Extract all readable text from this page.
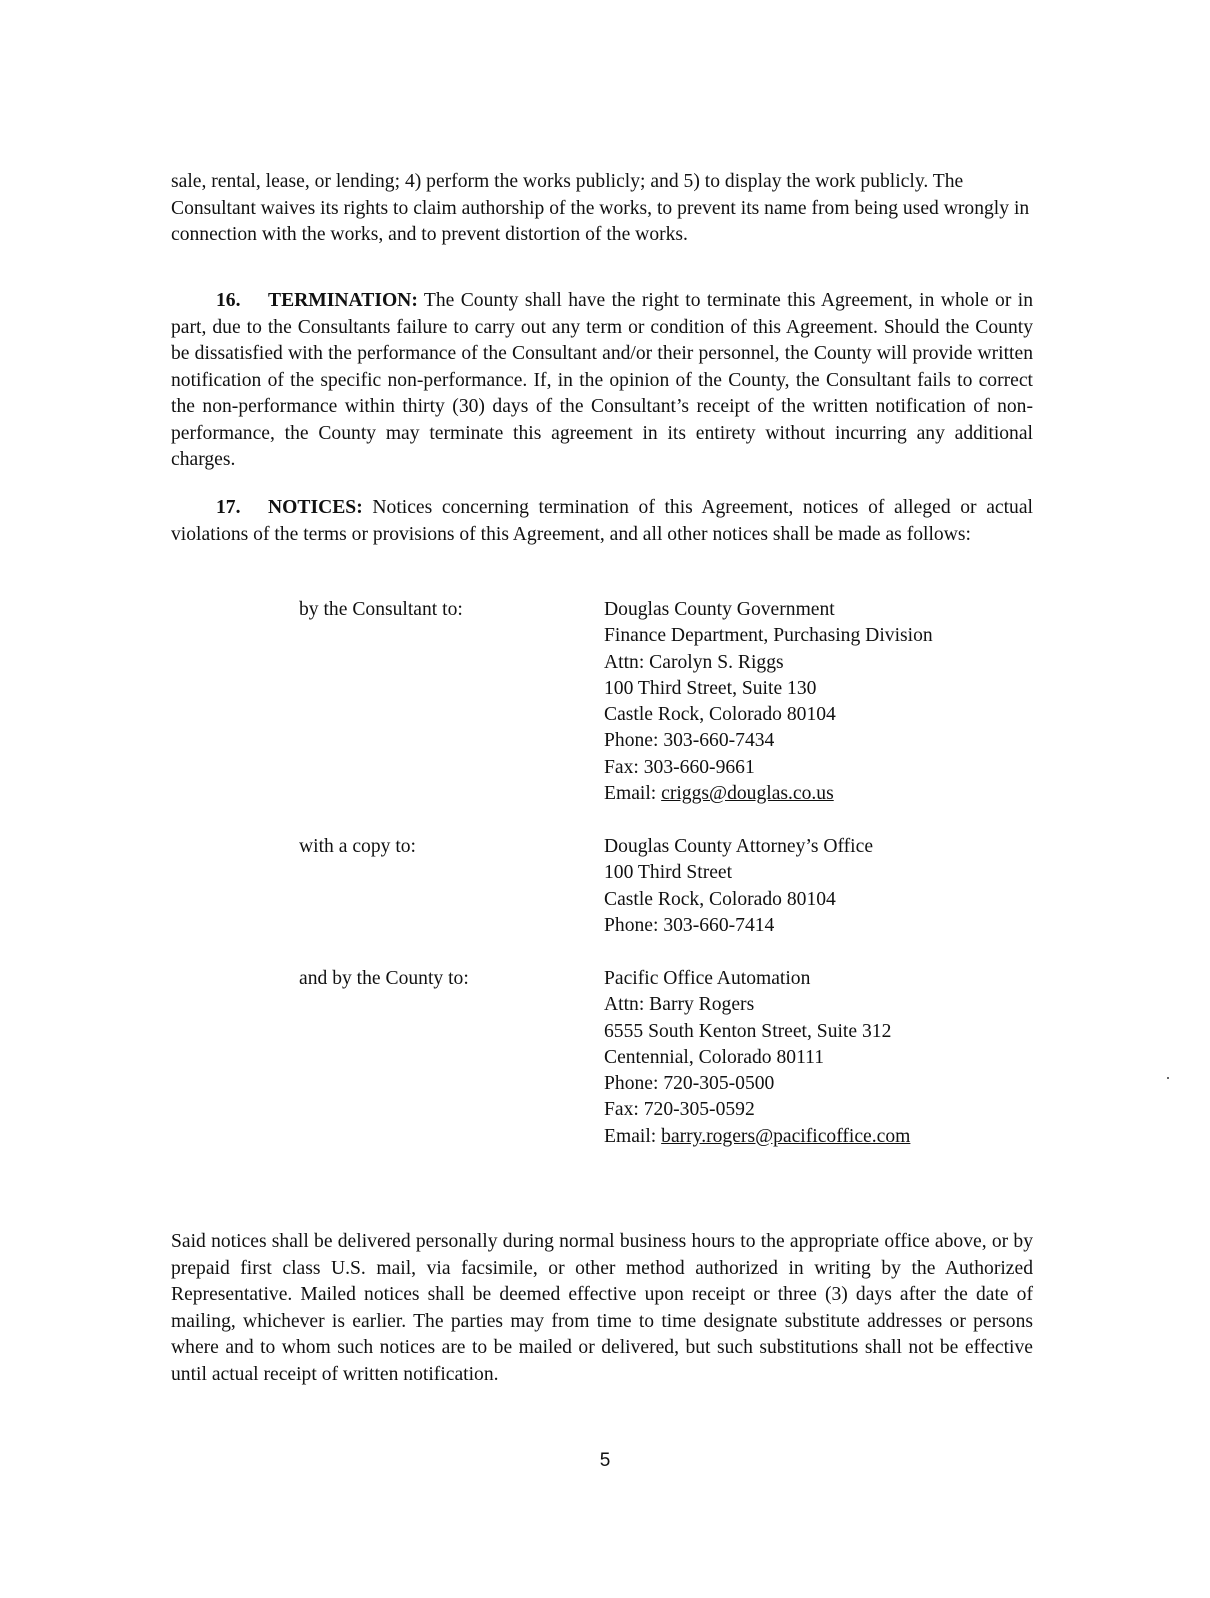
sale, rental, lease, or lending; 4) perform the works publicly; and 5) to display the work publicly. The Consultant waives its rights to claim authorship of the works, to prevent its name from being used wrongly in connection with the works, and to prevent distortion of the works.

16. TERMINATION: The County shall have the right to terminate this Agreement, in whole or in part, due to the Consultants failure to carry out any term or condition of this Agreement. Should the County be dissatisfied with the performance of the Consultant and/or their personnel, the County will provide written notification of the specific non-performance. If, in the opinion of the County, the Consultant fails to correct the non-performance within thirty (30) days of the Consultant’s receipt of the written notification of non-performance, the County may terminate this agreement in its entirety without incurring any additional charges.

17. NOTICES: Notices concerning termination of this Agreement, notices of alleged or actual violations of the terms or provisions of this Agreement, and all other notices shall be made as follows:

by the Consultant to:	Douglas County Government
Finance Department, Purchasing Division
Attn: Carolyn S. Riggs
100 Third Street, Suite 130
Castle Rock, Colorado 80104
Phone: 303-660-7434
Fax: 303-660-9661
Email: criggs@douglas.co.us
with a copy to:	Douglas County Attorney’s Office
100 Third Street
Castle Rock, Colorado 80104
Phone: 303-660-7414
and by the County to:	Pacific Office Automation
Attn: Barry Rogers
6555 South Kenton Street, Suite 312
Centennial, Colorado 80111
Phone: 720-305-0500
Fax: 720-305-0592
Email: barry.rogers@pacificoffice.com

Said notices shall be delivered personally during normal business hours to the appropriate office above, or by prepaid first class U.S. mail, via facsimile, or other method authorized in writing by the Authorized Representative. Mailed notices shall be deemed effective upon receipt or three (3) days after the date of mailing, whichever is earlier. The parties may from time to time designate substitute addresses or persons where and to whom such notices are to be mailed or delivered, but such substitutions shall not be effective until actual receipt of written notification.

5
